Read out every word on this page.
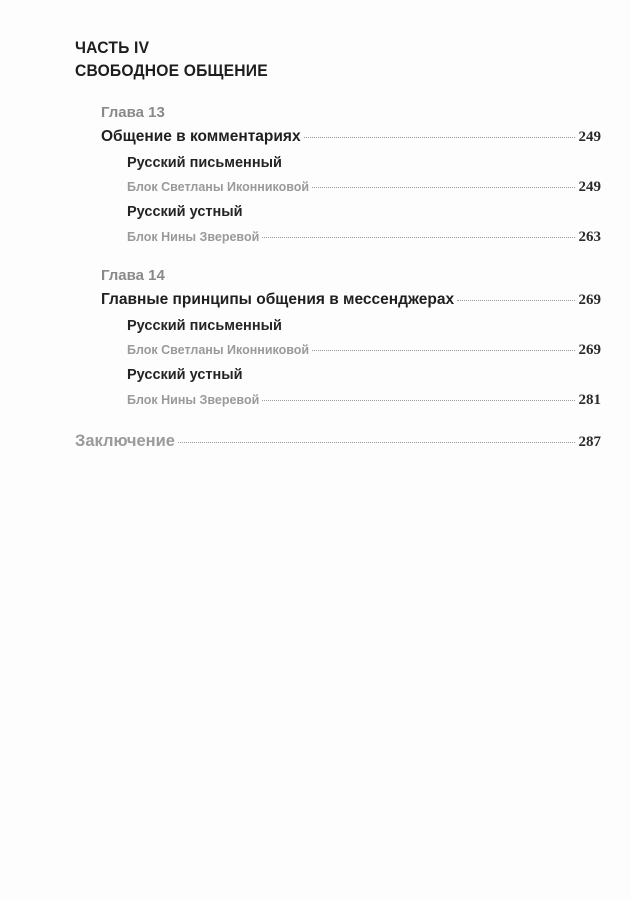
ЧАСТЬ IV
СВОБОДНОЕ ОБЩЕНИЕ
Глава 13
Общение в комментариях	249
Русский письменный
Блок Светланы Иконниковой	249
Русский устный
Блок Нины Зверевой	263
Глава 14
Главные принципы общения в мессенджерах	269
Русский письменный
Блок Светланы Иконниковой	269
Русский устный
Блок Нины Зверевой	281
Заключение	287
